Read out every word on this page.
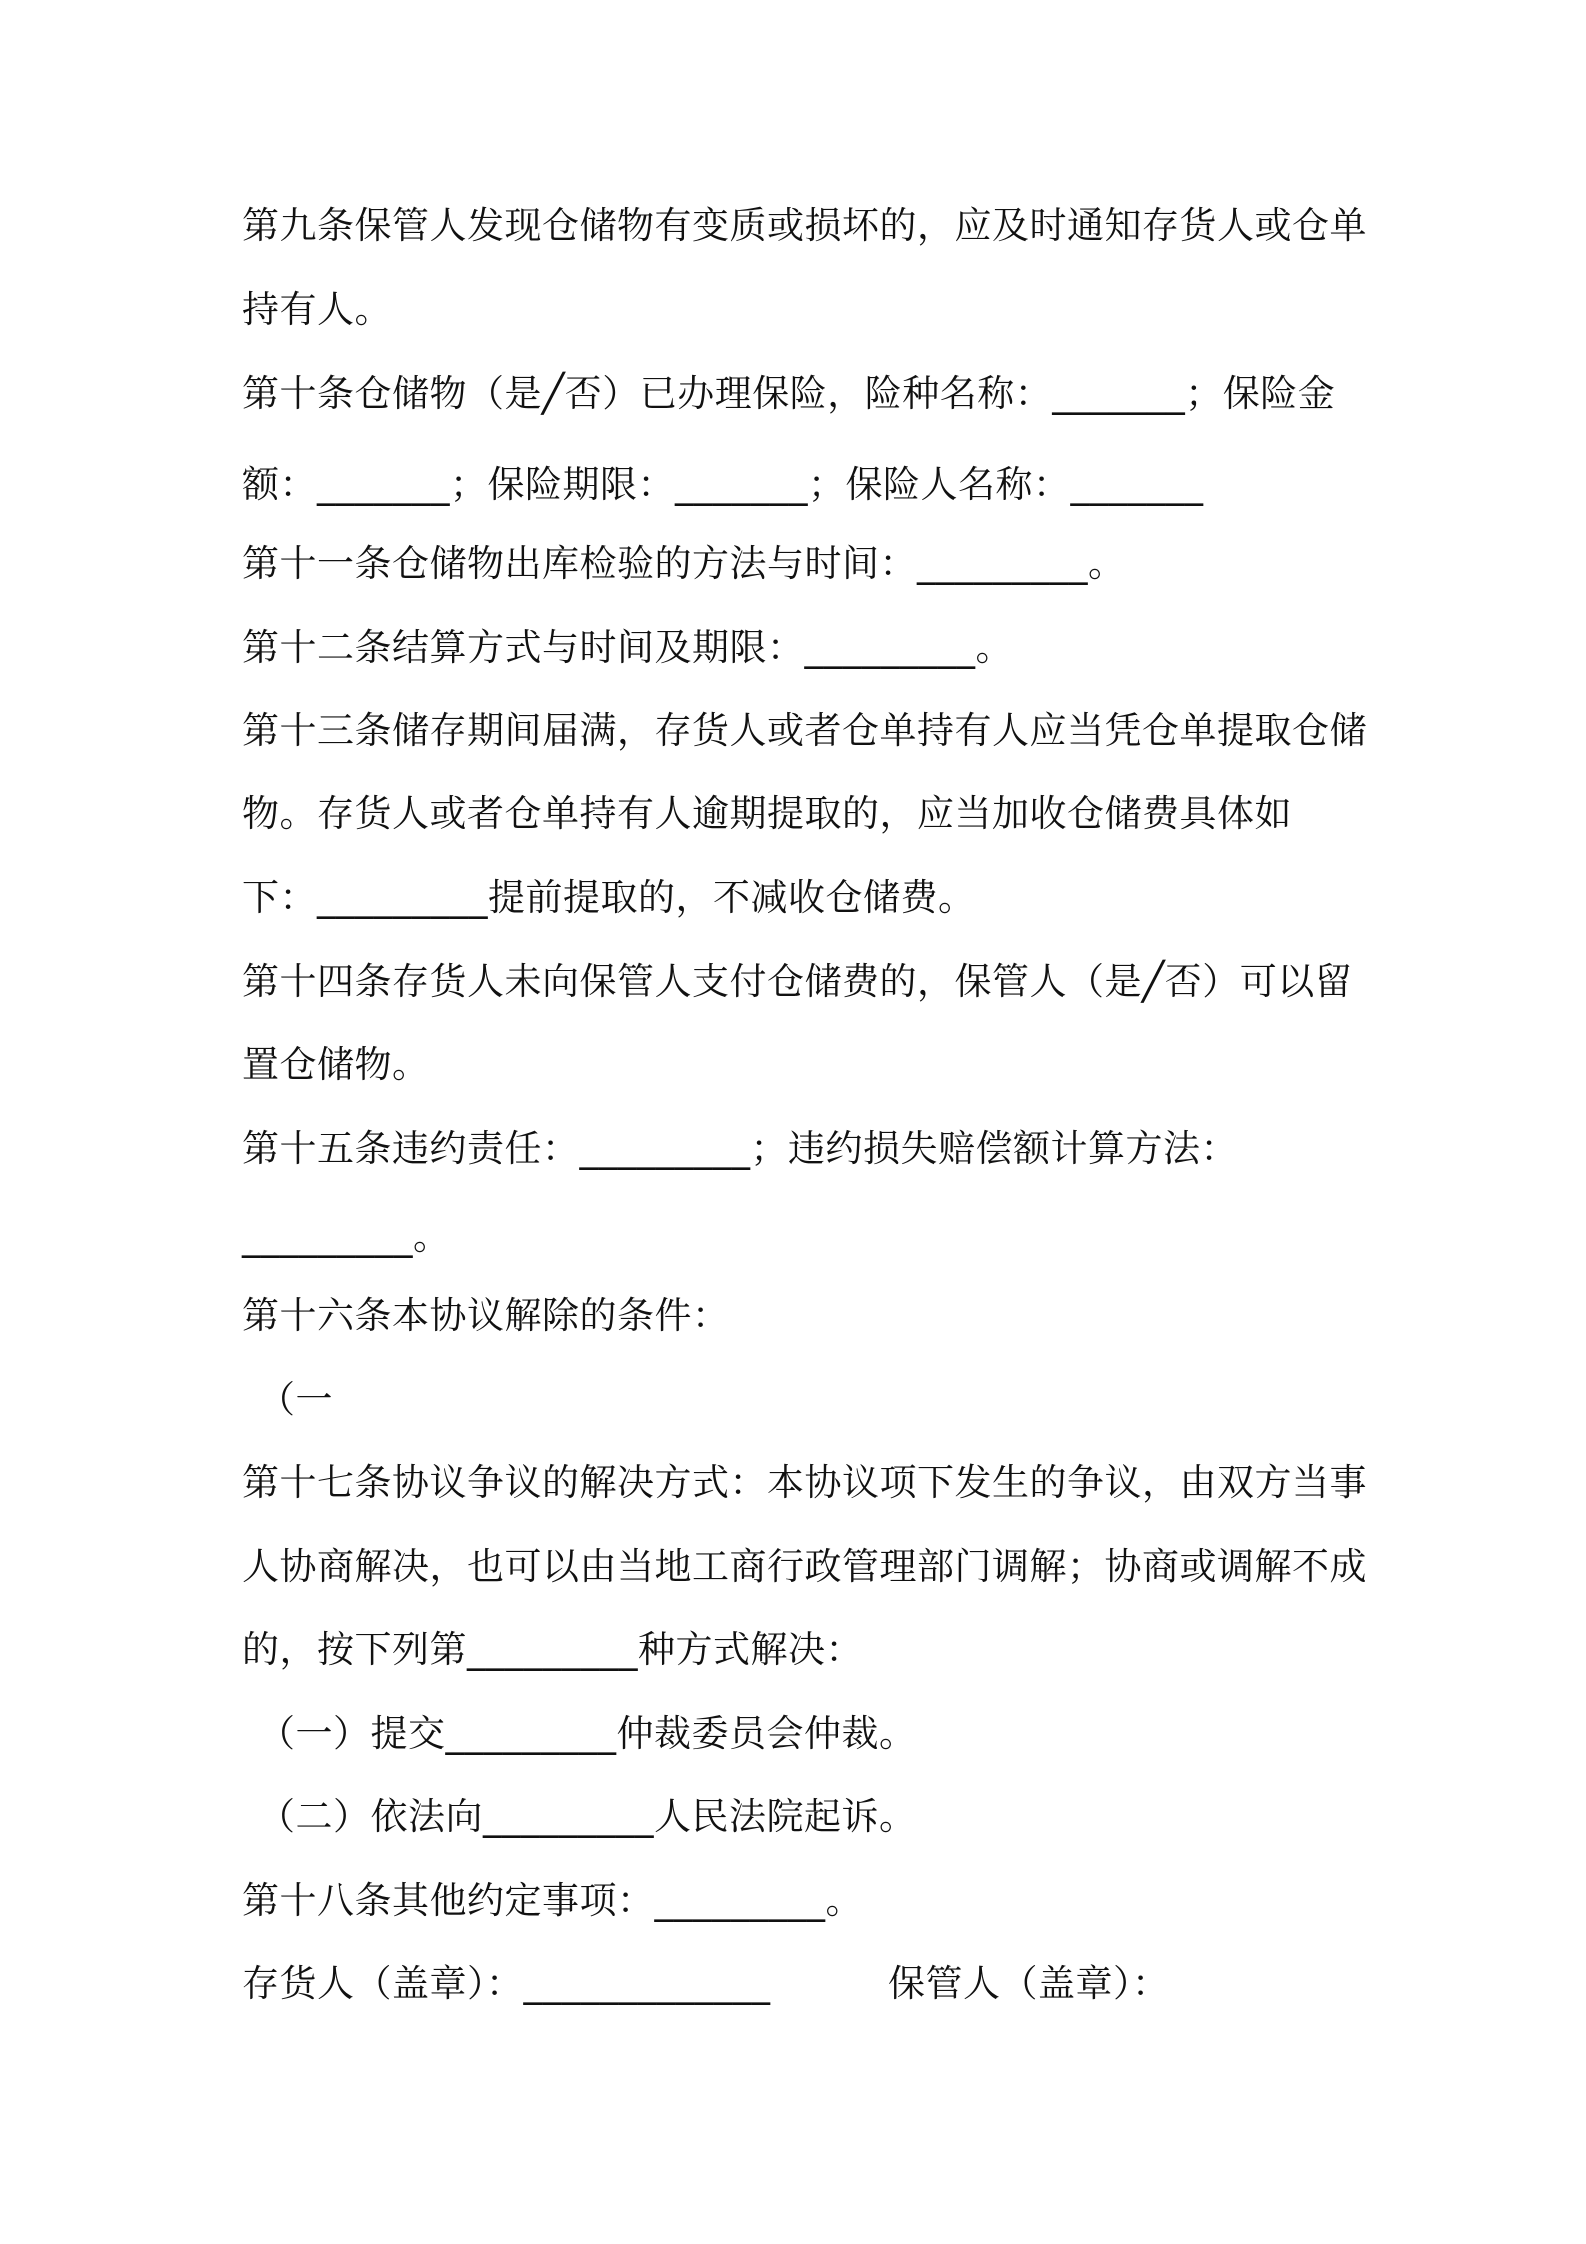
第九条保管人发现仓储物有变质或损坏的，应及时通知存货人或仓单
持有人。
第十条仓储物（是╱否）已办理保险，险种名称：_______；保险金
额：_______；保险期限：_______；保险人名称：_______
第十一条仓储物出库检验的方法与时间：_________。
第十二条结算方式与时间及期限：_________。
第十三条储存期间届满，存货人或者仓单持有人应当凭仓单提取仓储
物。存货人或者仓单持有人逾期提取的，应当加收仓储费具体如
下：_________提前提取的，不减收仓储费。
第十四条存货人未向保管人支付仓储费的，保管人（是╱否）可以留
置仓储物。
第十五条违约责任：_________；违约损失赔偿额计算方法：
_________。
第十六条本协议解除的条件：
（一
第十七条协议争议的解决方式：本协议项下发生的争议，由双方当事
人协商解决，也可以由当地工商行政管理部门调解；协商或调解不成
的，按下列第_________种方式解决：
（一）提交_________仲裁委员会仲裁。
（二）依法向_________人民法院起诉。
第十八条其他约定事项：_________。
存货人（盖章）：_____________	保管人（盖章）：
